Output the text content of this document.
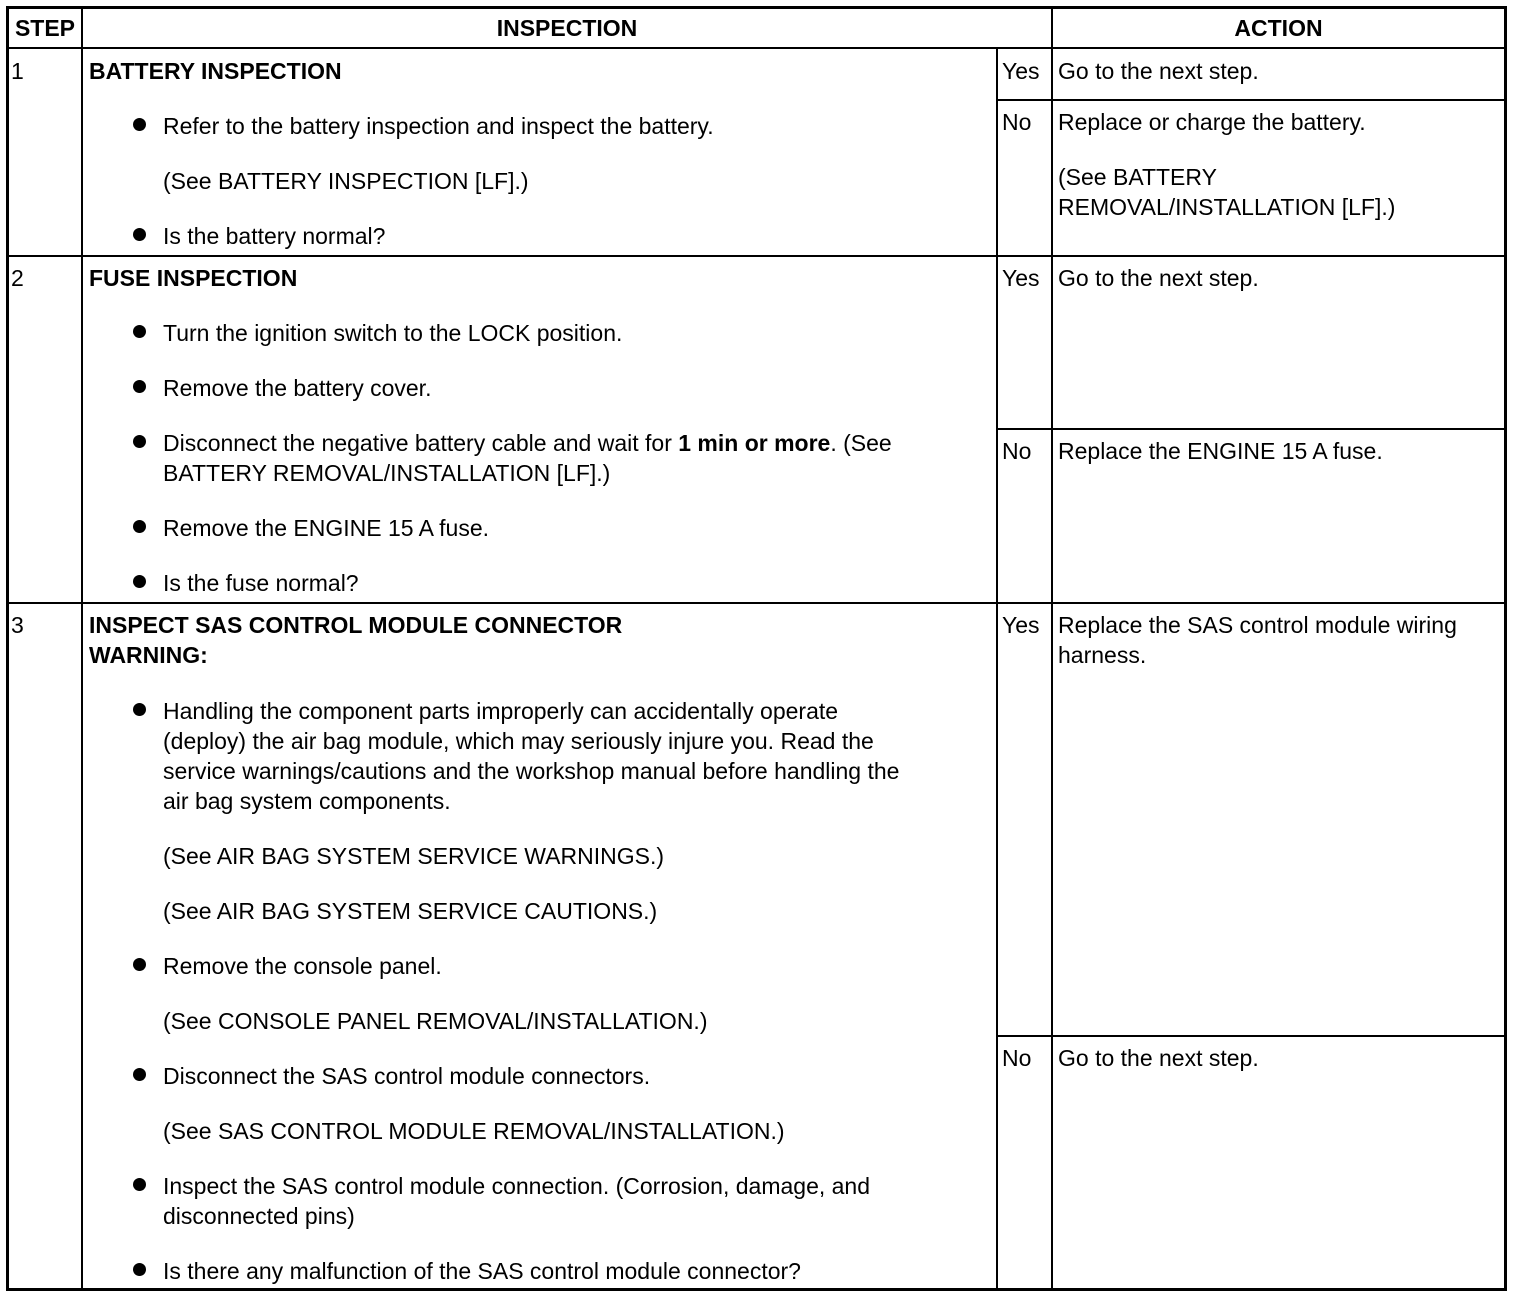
STEP	INSPECTION	ACTION
1	BATTERY INSPECTION
Refer to the battery inspection and inspect the battery.
(See BATTERY INSPECTION [LF].)
Is the battery normal?
Yes Go to the next step.
No Replace or charge the battery.
(See BATTERY
REMOVAL/INSTALLATION [LF].)
2	FUSE INSPECTION
Turn the ignition switch to the LOCK position.
Remove the battery cover.
Disconnect the negative battery cable and wait for 1 min or more. (See
BATTERY REMOVAL/INSTALLATION [LF].)
Remove the ENGINE 15 A fuse.
Is the fuse normal?
Yes Go to the next step.
No Replace the ENGINE 15 A fuse.
3	INSPECT SAS CONTROL MODULE CONNECTOR
WARNING:
Handling the component parts improperly can accidentally operate
(deploy) the air bag module, which may seriously injure you. Read the
service warnings/cautions and the workshop manual before handling the
air bag system components.
(See AIR BAG SYSTEM SERVICE WARNINGS.)
(See AIR BAG SYSTEM SERVICE CAUTIONS.)
Remove the console panel.
(See CONSOLE PANEL REMOVAL/INSTALLATION.)
Disconnect the SAS control module connectors.
(See SAS CONTROL MODULE REMOVAL/INSTALLATION.)
Inspect the SAS control module connection. (Corrosion, damage, and
disconnected pins)
Is there any malfunction of the SAS control module connector?
Yes Replace the SAS control module wiring
harness.
No Go to the next step.
